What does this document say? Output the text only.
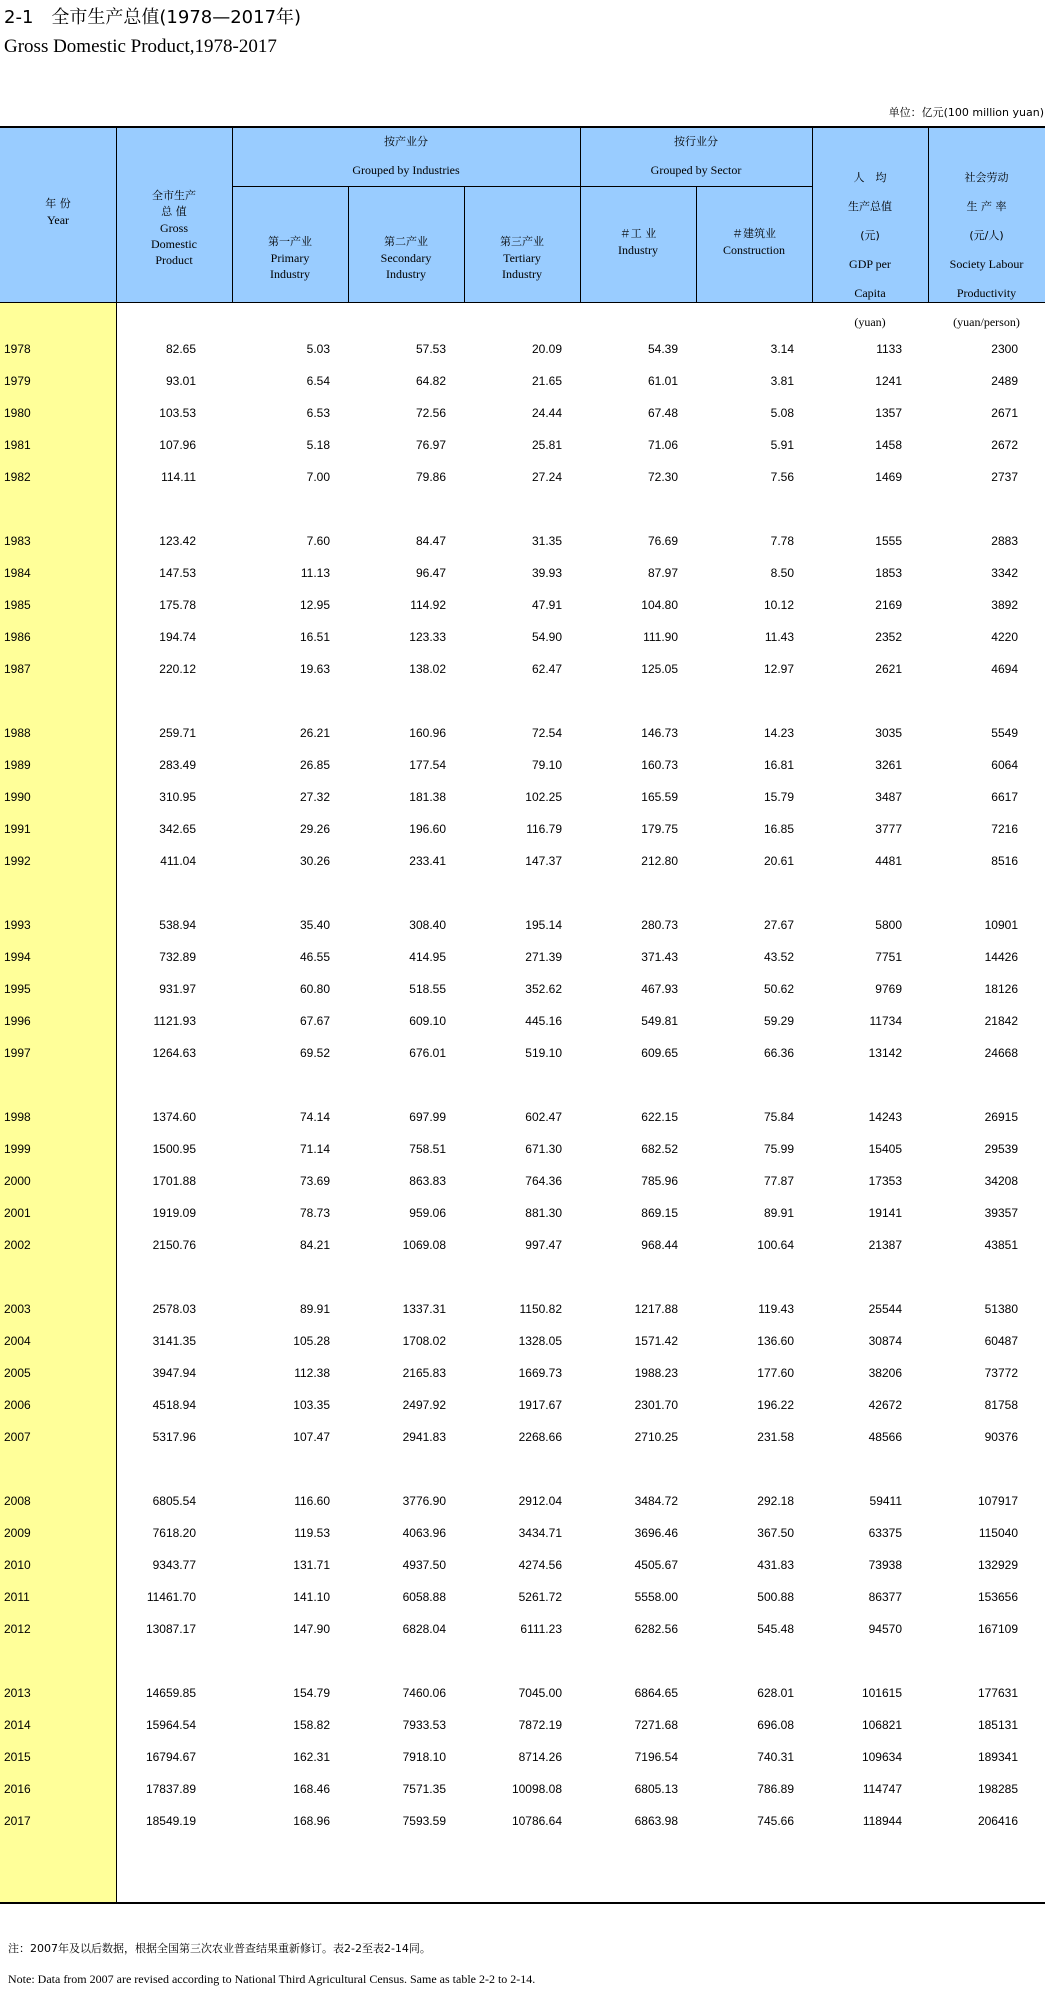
2-1　全市生产总值(1978—2017年)
Gross Domestic Product,1978-2017
单位：亿元(100 million yuan)
年 份
Year

全市生产
总 值
Gross
Domestic
Product

按产业分
Grouped by Industries

第一产业
Primary
Industry

第二产业
Secondary
Industry

第三产业
Tertiary
Industry

按行业分
Grouped by Sector
＃工 业
Industry
＃建筑业
Construction

人　均
生产总值
(元)
GDP per
Capita
(yuan)

社会劳动
生 产 率
(元/人)
Society Labour
Productivity
(yuan/person)

1978	82.65	5.03	57.53	20.09	54.39	3.14	1133	2300
1979	93.01	6.54	64.82	21.65	61.01	3.81	1241	2489
1980	103.53	6.53	72.56	24.44	67.48	5.08	1357	2671
1981	107.96	5.18	76.97	25.81	71.06	5.91	1458	2672
1982	114.11	7.00	79.86	27.24	72.30	7.56	1469	2737
1983	123.42	7.60	84.47	31.35	76.69	7.78	1555	2883
1984	147.53	11.13	96.47	39.93	87.97	8.50	1853	3342
1985	175.78	12.95	114.92	47.91	104.80	10.12	2169	3892
1986	194.74	16.51	123.33	54.90	111.90	11.43	2352	4220
1987	220.12	19.63	138.02	62.47	125.05	12.97	2621	4694
1988	259.71	26.21	160.96	72.54	146.73	14.23	3035	5549
1989	283.49	26.85	177.54	79.10	160.73	16.81	3261	6064
1990	310.95	27.32	181.38	102.25	165.59	15.79	3487	6617
1991	342.65	29.26	196.60	116.79	179.75	16.85	3777	7216
1992	411.04	30.26	233.41	147.37	212.80	20.61	4481	8516
1993	538.94	35.40	308.40	195.14	280.73	27.67	5800	10901
1994	732.89	46.55	414.95	271.39	371.43	43.52	7751	14426
1995	931.97	60.80	518.55	352.62	467.93	50.62	9769	18126
1996	1121.93	67.67	609.10	445.16	549.81	59.29	11734	21842
1997	1264.63	69.52	676.01	519.10	609.65	66.36	13142	24668
1998	1374.60	74.14	697.99	602.47	622.15	75.84	14243	26915
1999	1500.95	71.14	758.51	671.30	682.52	75.99	15405	29539
2000	1701.88	73.69	863.83	764.36	785.96	77.87	17353	34208
2001	1919.09	78.73	959.06	881.30	869.15	89.91	19141	39357
2002	2150.76	84.21	1069.08	997.47	968.44	100.64	21387	43851
2003	2578.03	89.91	1337.31	1150.82	1217.88	119.43	25544	51380
2004	3141.35	105.28	1708.02	1328.05	1571.42	136.60	30874	60487
2005	3947.94	112.38	2165.83	1669.73	1988.23	177.60	38206	73772
2006	4518.94	103.35	2497.92	1917.67	2301.70	196.22	42672	81758
2007	5317.96	107.47	2941.83	2268.66	2710.25	231.58	48566	90376
2008	6805.54	116.60	3776.90	2912.04	3484.72	292.18	59411	107917
2009	7618.20	119.53	4063.96	3434.71	3696.46	367.50	63375	115040
2010	9343.77	131.71	4937.50	4274.56	4505.67	431.83	73938	132929
2011	11461.70	141.10	6058.88	5261.72	5558.00	500.88	86377	153656
2012	13087.17	147.90	6828.04	6111.23	6282.56	545.48	94570	167109
2013	14659.85	154.79	7460.06	7045.00	6864.65	628.01	101615	177631
2014	15964.54	158.82	7933.53	7872.19	7271.68	696.08	106821	185131
2015	16794.67	162.31	7918.10	8714.26	7196.54	740.31	109634	189341
2016	17837.89	168.46	7571.35	10098.08	6805.13	786.89	114747	198285
2017	18549.19	168.96	7593.59	10786.64	6863.98	745.66	118944	206416
注：2007年及以后数据，根据全国第三次农业普查结果重新修订。表2-2至表2-14同。
Note: Data from 2007 are revised according to National Third Agricultural Census. Same as table 2-2 to 2-14.
